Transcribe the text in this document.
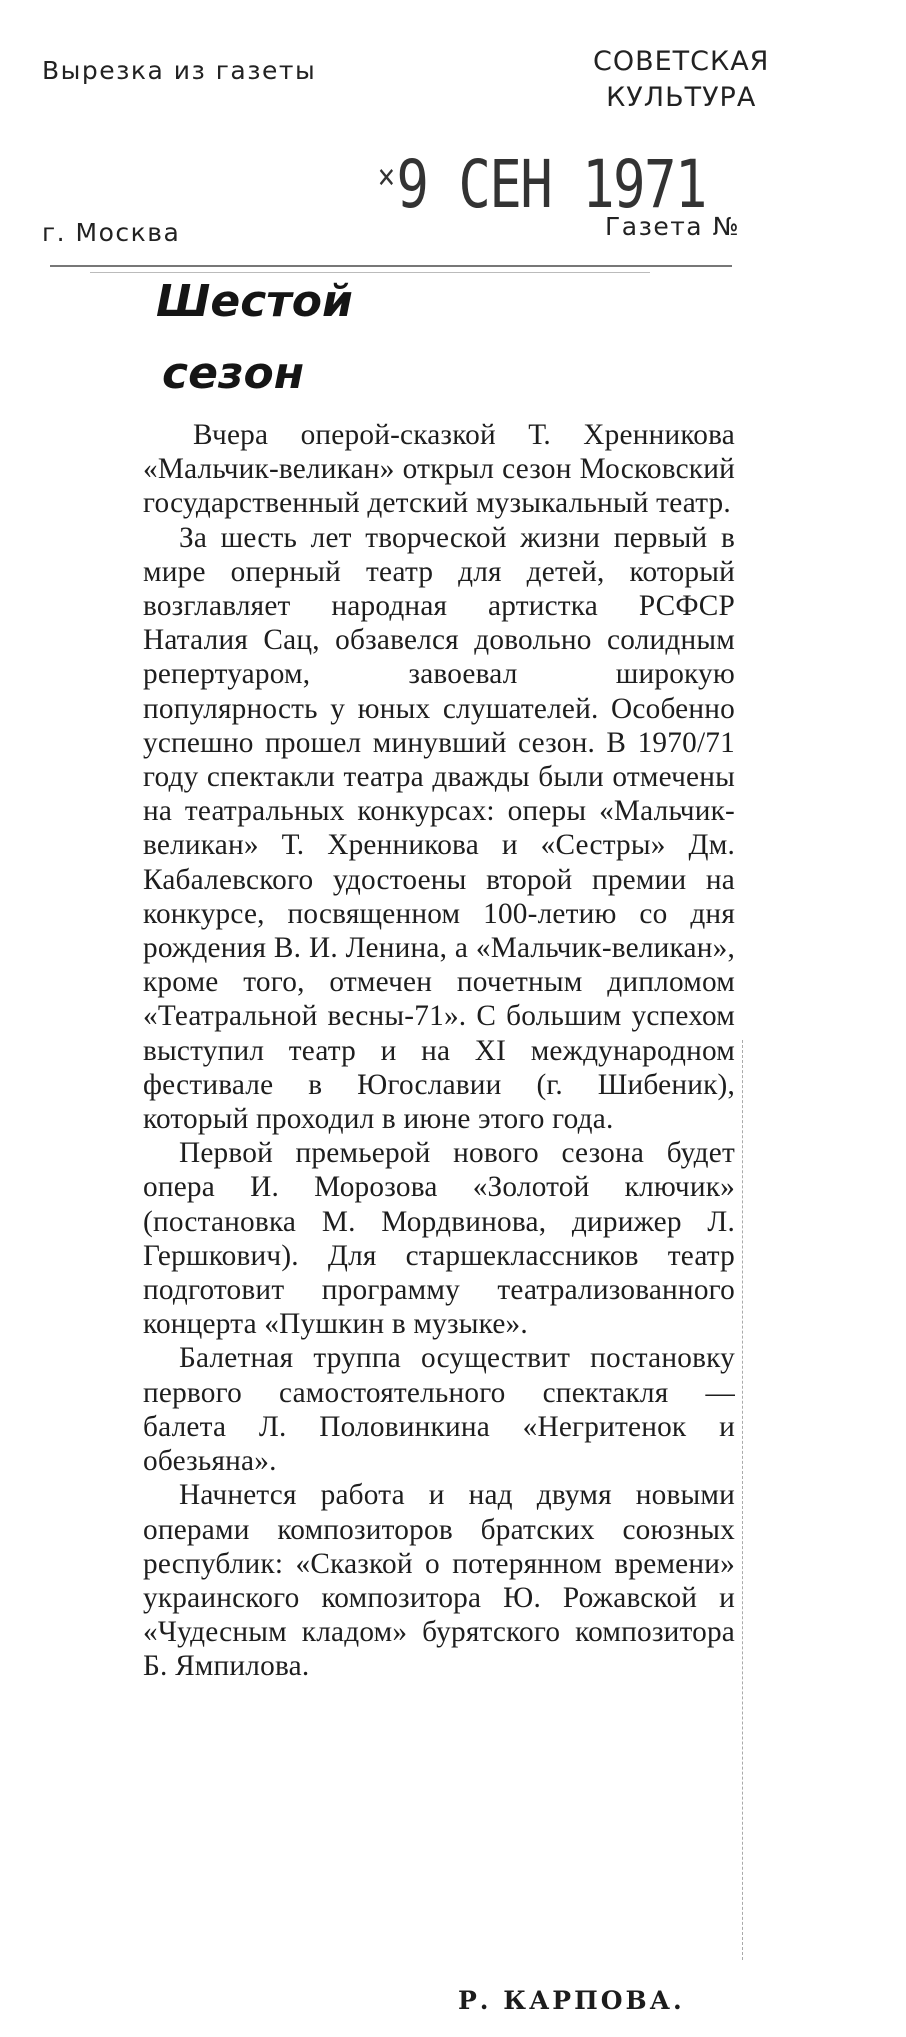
Вырезка из газеты	СОВЕТСКАЯ
КУЛЬТУРА
✕9 СЕН 1971
г. Москва	Газета №
Шестой
сезон

Вчера оперой-сказкой Т. Хренникова «Мальчик-великан» открыл сезон Московский государственный детский музыкальный театр.

За шесть лет творческой жизни первый в мире оперный театр для детей, который возглавляет народная артистка РСФСР Наталия Сац, обзавелся довольно солидным репертуаром, завоевал широкую популярность у юных слушателей. Особенно успешно прошел минувший сезон. В 1970/71 году спектакли театра дважды были отмечены на театральных конкурсах: оперы «Мальчик-великан» Т. Хренникова и «Сестры» Дм. Кабалевского удостоены второй премии на конкурсе, посвященном 100-летию со дня рождения В. И. Ленина, а «Мальчик-великан», кроме того, отмечен почетным дипломом «Театральной весны-71». С большим успехом выступил театр и на XI международном фестивале в Югославии (г. Шибеник), который проходил в июне этого года.

Первой премьерой нового сезона будет опера И. Морозова «Золотой ключик» (постановка М. Мордвинова, дирижер Л. Гершкович). Для старшеклассников театр подготовит программу театрализованного концерта «Пушкин в музыке».

Балетная труппа осуществит постановку первого самостоятельного спектакля — балета Л. Половинкина «Негритенок и обезьяна».

Начнется работа и над двумя новыми операми композиторов братских союзных республик: «Сказкой о потерянном времени» украинского композитора Ю. Рожавской и «Чудесным кладом» бурятского композитора Б. Ямпилова.

Р. КАРПОВА.
